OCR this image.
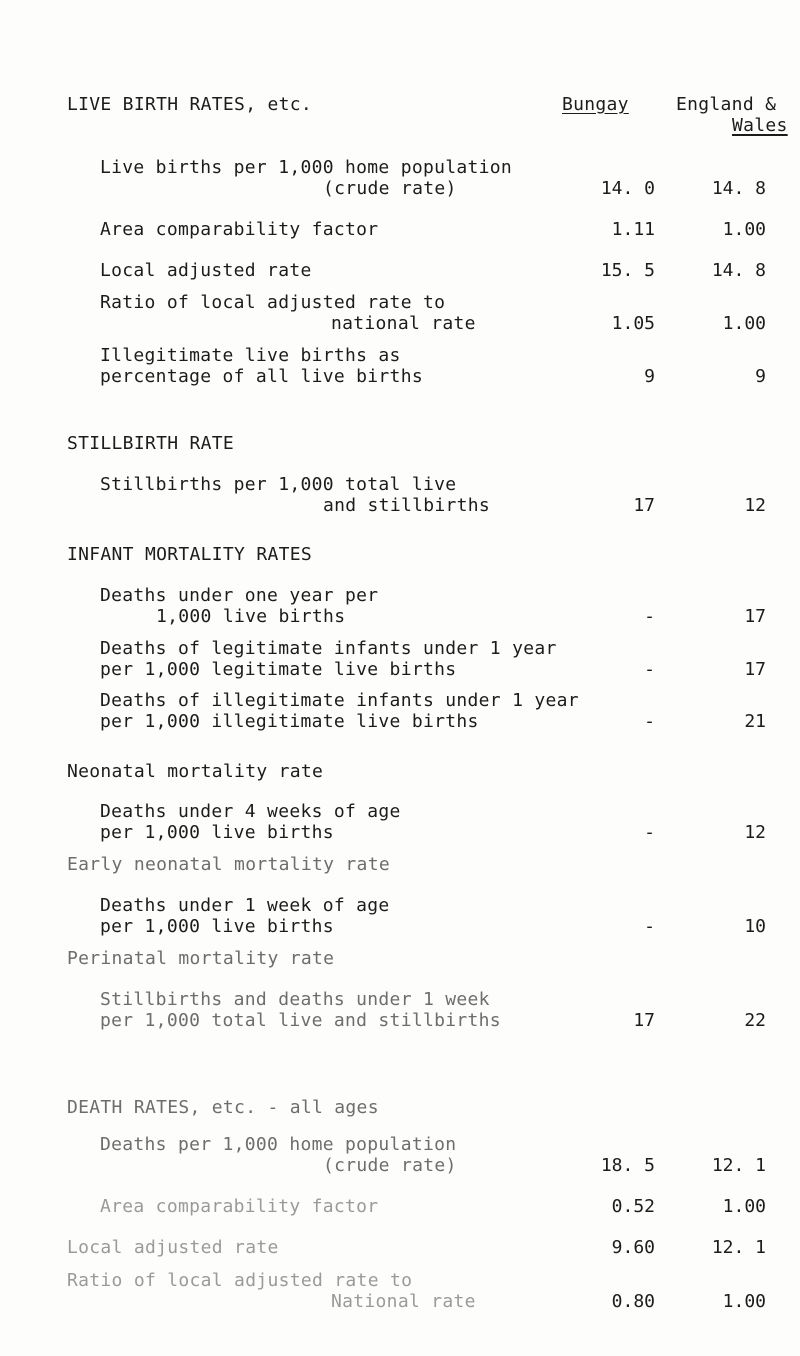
LIVE BIRTH RATES, etc.	Bungay	England &
Wales
Live births per 1,000 home population
(crude rate)	14. 0	14. 8
Area comparability factor	1.11	1.00
Local adjusted rate	15. 5	14. 8
Ratio of local adjusted rate to
national rate	1.05	1.00
Illegitimate live births as
percentage of all live births	9	9
STILLBIRTH RATE
Stillbirths per 1,000 total live
and stillbirths	17	12
INFANT MORTALITY RATES
Deaths under one year per
1,000 live births	-	17
Deaths of legitimate infants under 1 year
per 1,000 legitimate live births	-	17
Deaths of illegitimate infants under 1 year
per 1,000 illegitimate live births	-	21
Neonatal mortality rate
Deaths under 4 weeks of age
per 1,000 live births	-	12
Early neonatal mortality rate
Deaths under 1 week of age
per 1,000 live births	-	10
Perinatal mortality rate
Stillbirths and deaths under 1 week
per 1,000 total live and stillbirths	17	22
DEATH RATES, etc. - all ages
Deaths per 1,000 home population
(crude rate)	18. 5	12. 1
Area comparability factor	0.52	1.00
Local adjusted rate	9.60	12. 1
Ratio of local adjusted rate to
National rate	0.80	1.00
